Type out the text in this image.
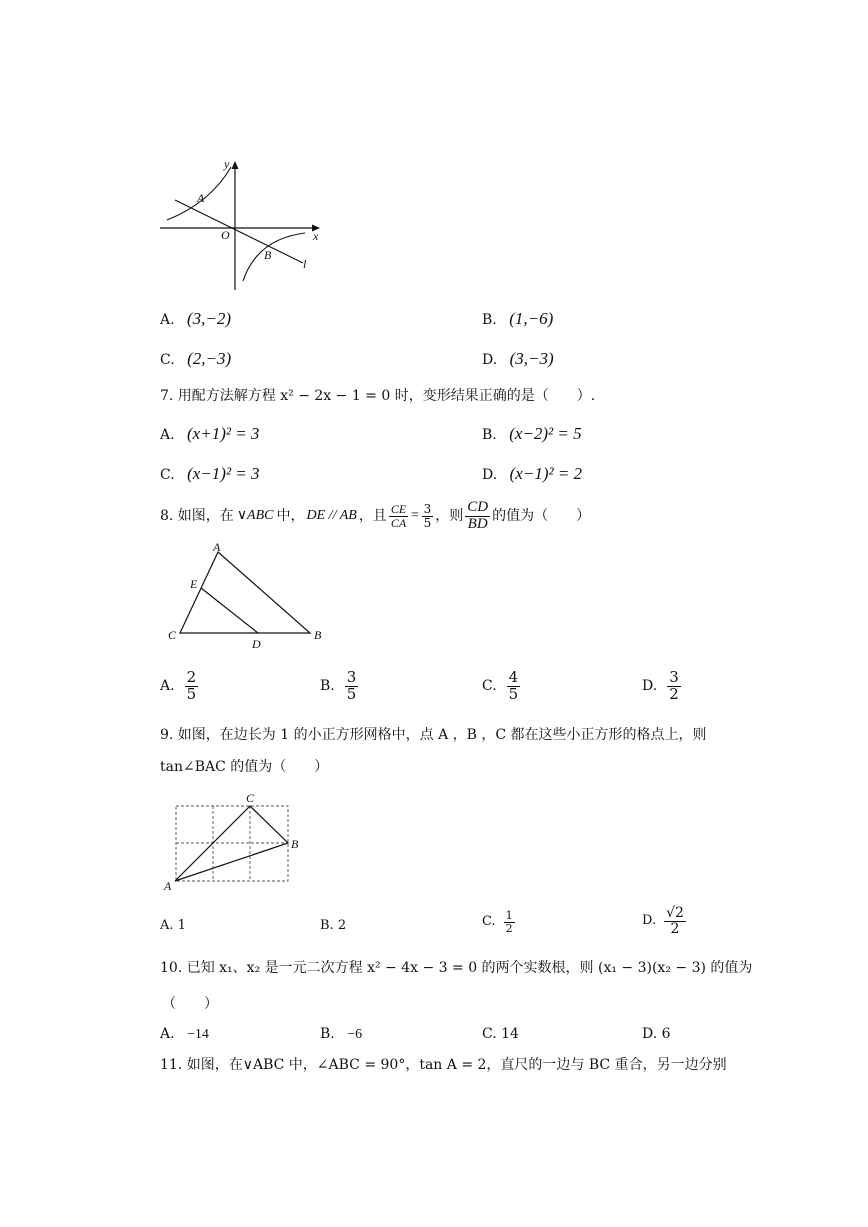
y
x
O
A
B
l
A. (3,−2)	B. (1,−6)
C. (2,−3)	D. (3,−3)
7. 用配方法解方程 x² − 2x − 1 = 0 时，变形结果正确的是（　　）.
A. (x+1)² = 3	B. (x−2)² = 5
C. (x−1)² = 3	D. (x−1)² = 2
8. 如图，在 ∨ABC 中， DE // AB ，且 $\frac{CE}{CA} = \frac{3}{5}$ ，则 $\frac{CD}{BD}$ 的值为（　　）
A
E
C
D
B
A. $\frac{2}{5}$	B. $\frac{3}{5}$	C. $\frac{4}{5}$	D. $\frac{3}{2}$
9. 如图，在边长为 1 的小正方形网格中，点 A ，B ，C 都在这些小正方形的格点上，则
tan∠BAC 的值为（　　）
C
B
A
A. 1	B. 2	C. $\frac{1}{2}$	D. $\frac{√2}{2}$
10. 已知 x₁、x₂ 是一元二次方程 x² − 4x − 3 = 0 的两个实数根，则 (x₁ − 3)(x₂ − 3) 的值为
（　　）
A. −14	B. −6	C. 14	D. 6
11. 如图，在∨ABC 中，∠ABC = 90°，tan A = 2，直尺的一边与 BC 重合，另一边分别
